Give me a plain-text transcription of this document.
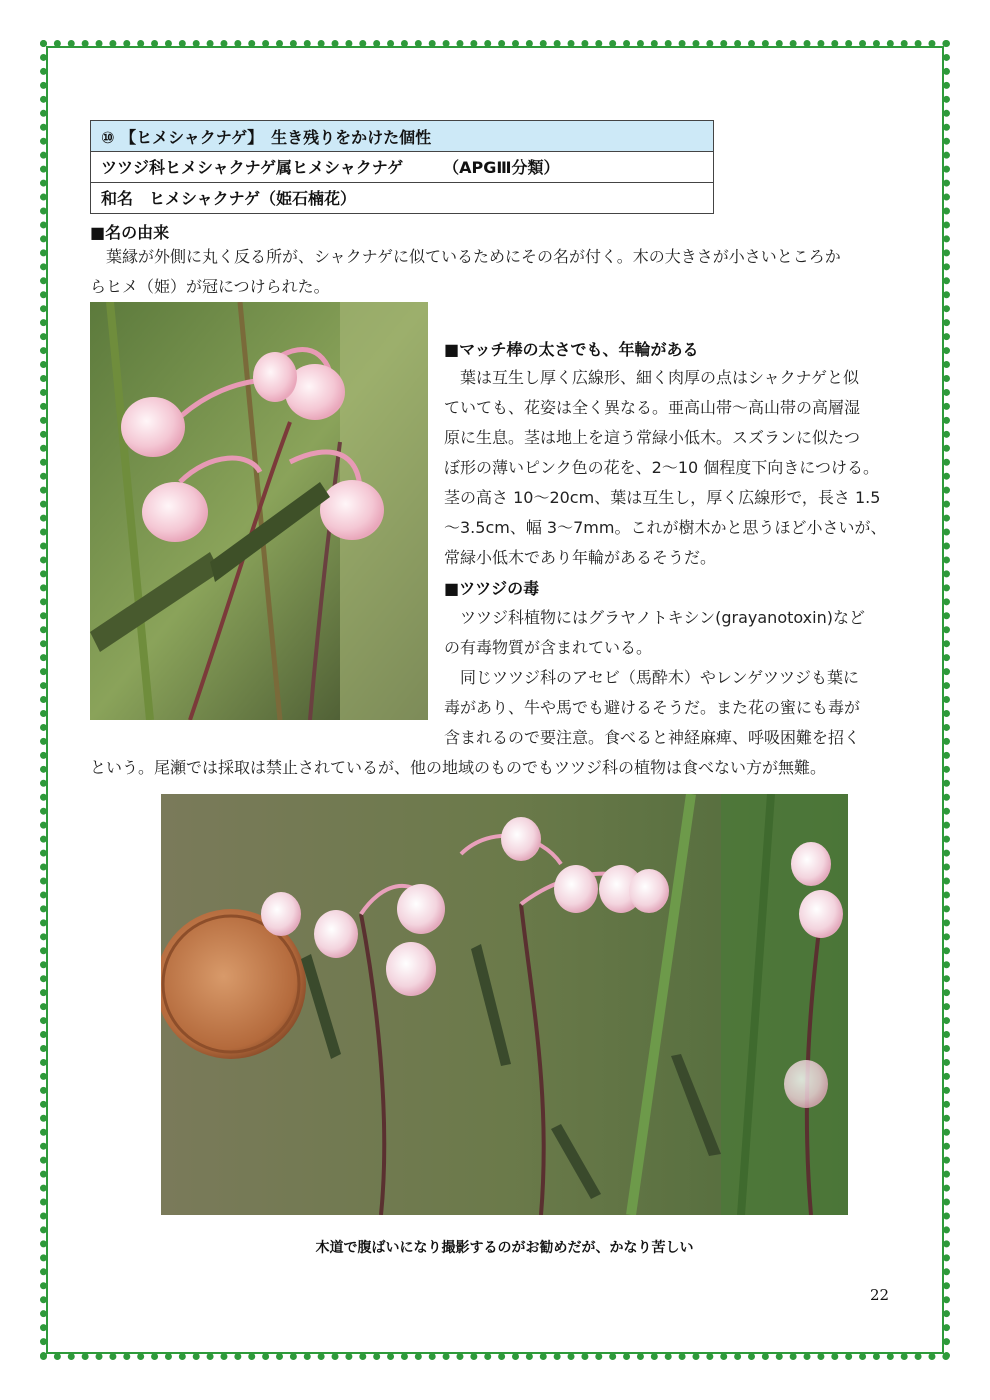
⑩ 【ヒメシャクナゲ】　生き残りをかけた個性
ツツジ科ヒメシャクナゲ属ヒメシャクナゲ　　　（APGⅢ分類）
和名　ヒメシャクナゲ（姫石楠花）
■名の由来
　葉縁が外側に丸く反る所が、シャクナゲに似ているためにその名が付く。木の大きさが小さいところか
らヒメ（姫）が冠につけられた。
■マッチ棒の太さでも、年輪がある
　葉は互生し厚く広線形、細く肉厚の点はシャクナゲと似
ていても、花姿は全く異なる。亜高山帯～高山帯の高層湿
原に生息。茎は地上を這う常緑小低木。スズランに似たつ
ぼ形の薄いピンク色の花を、2～10 個程度下向きにつける。
茎の高さ 10～20cm、葉は互生し，厚く広線形で，長さ 1.5
～3.5cm、幅 3～7mm。これが樹木かと思うほど小さいが、
常緑小低木であり年輪があるそうだ。
■ツツジの毒
　ツツジ科植物にはグラヤノトキシン(grayanotoxin)など
の有毒物質が含まれている。
　同じツツジ科のアセビ（馬酔木）やレンゲツツジも葉に
毒があり、牛や馬でも避けるそうだ。また花の蜜にも毒が
含まれるので要注意。食べると神経麻痺、呼吸困難を招く
という。尾瀬では採取は禁止されているが、他の地域のものでもツツジ科の植物は食べない方が無難。
木道で腹ばいになり撮影するのがお勧めだが、かなり苦しい
22
